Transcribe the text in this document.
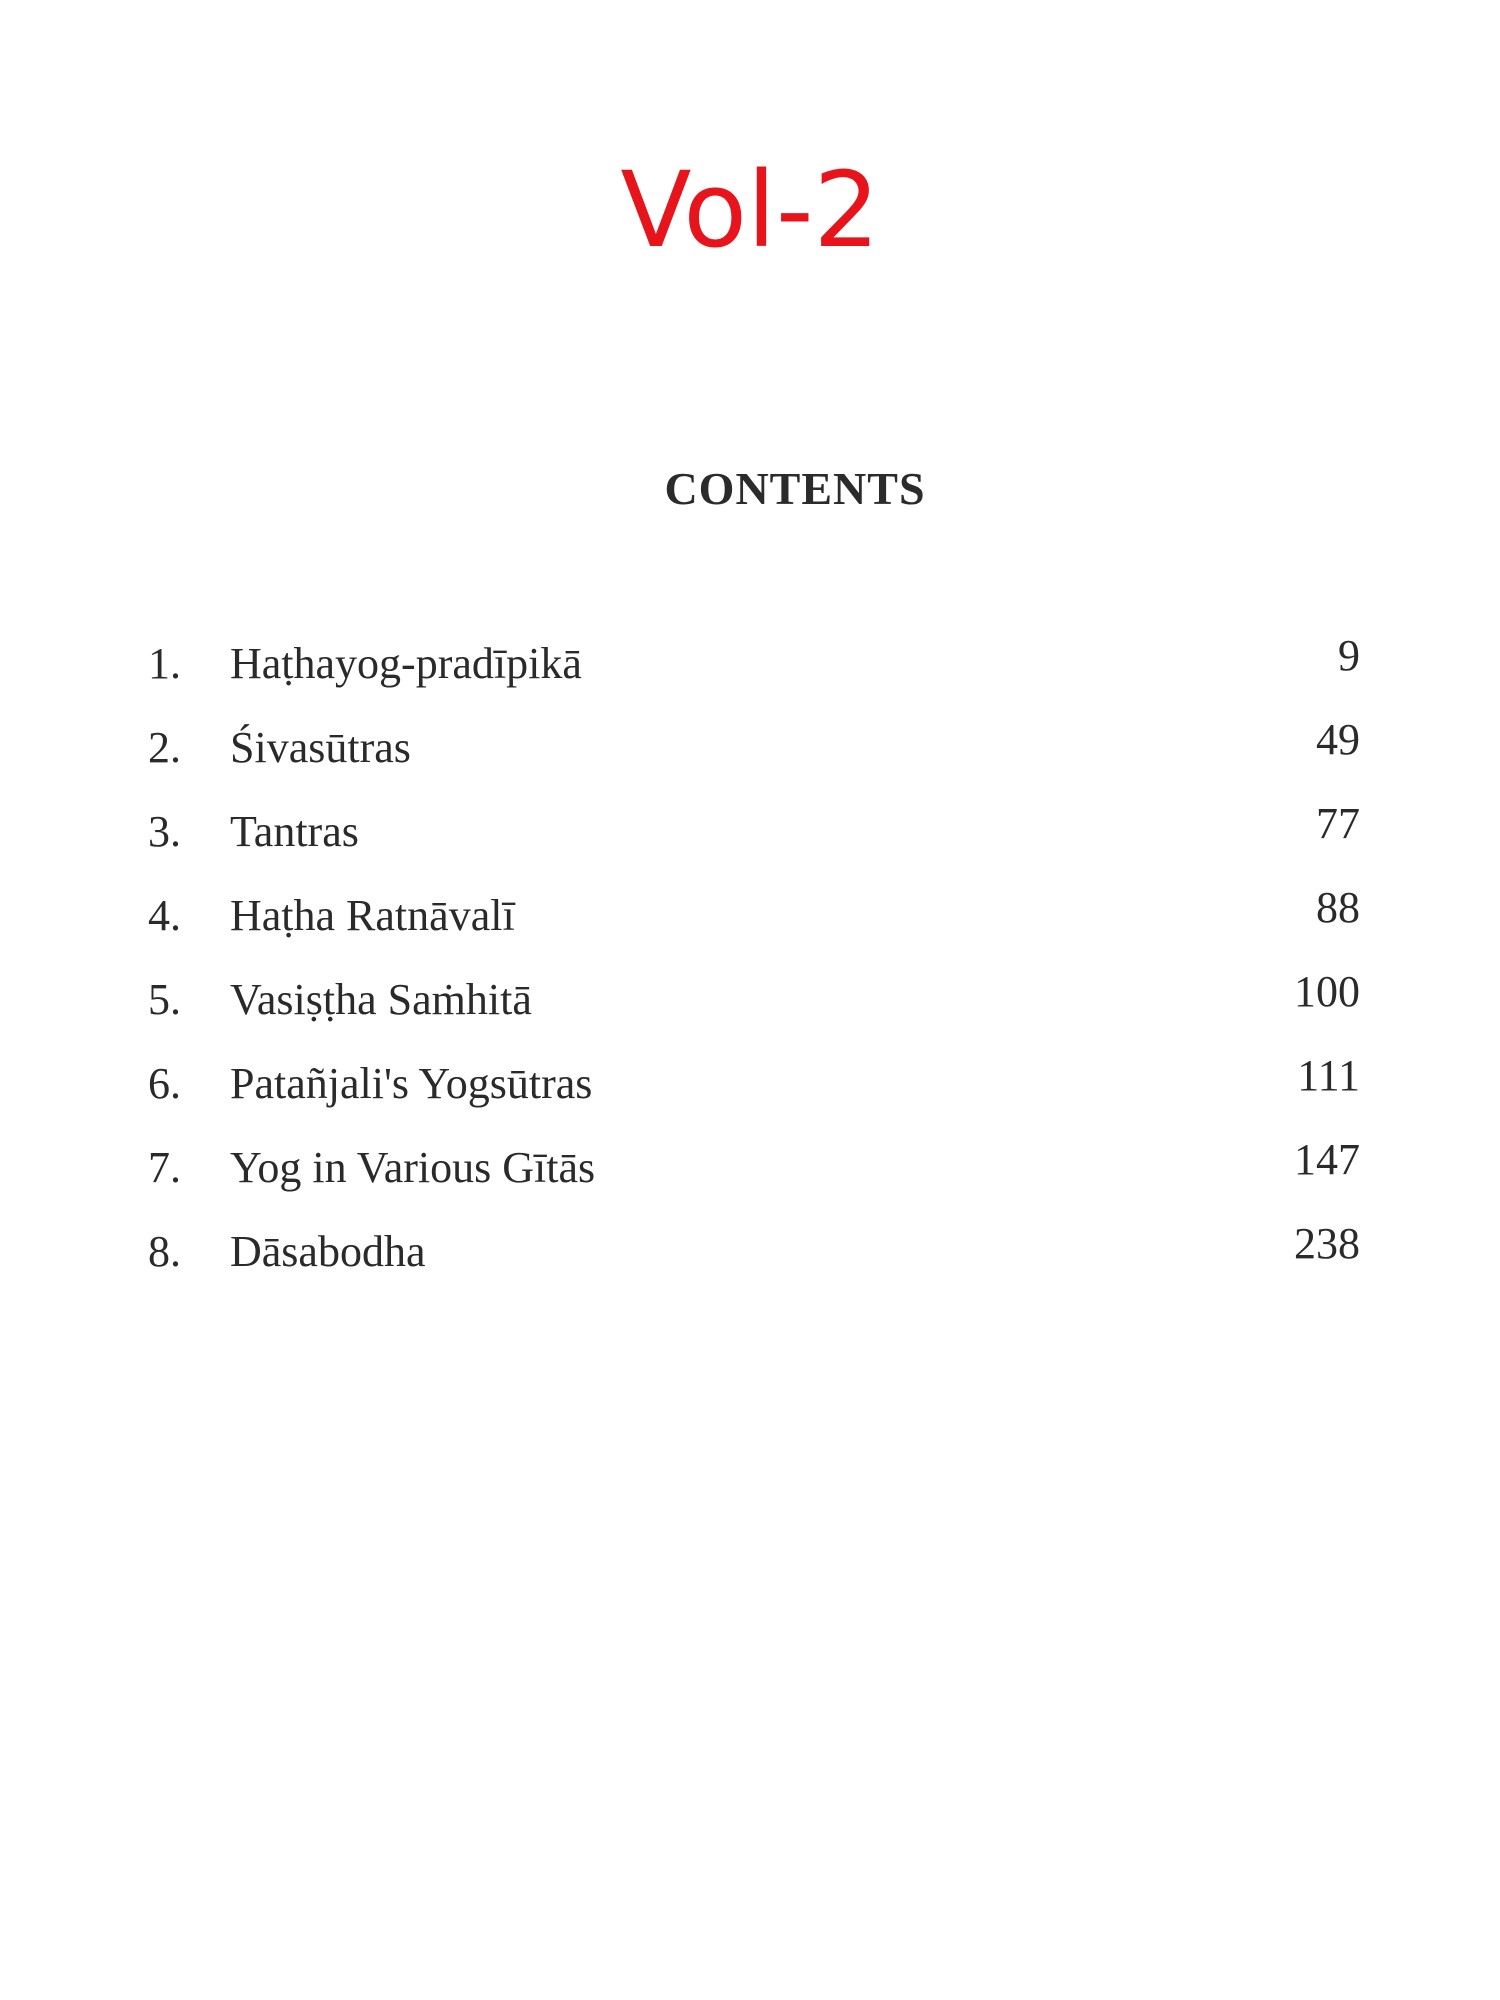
Vol-2
CONTENTS
1. Haṭhayog-pradīpikā	9
2. Śivasūtras	49
3. Tantras	77
4. Haṭha Ratnāvalī	88
5. Vasiṣṭha Saṁhitā	100
6. Patañjali's Yogsūtras	111
7. Yog in Various Gītās	147
8. Dāsabodha	238
